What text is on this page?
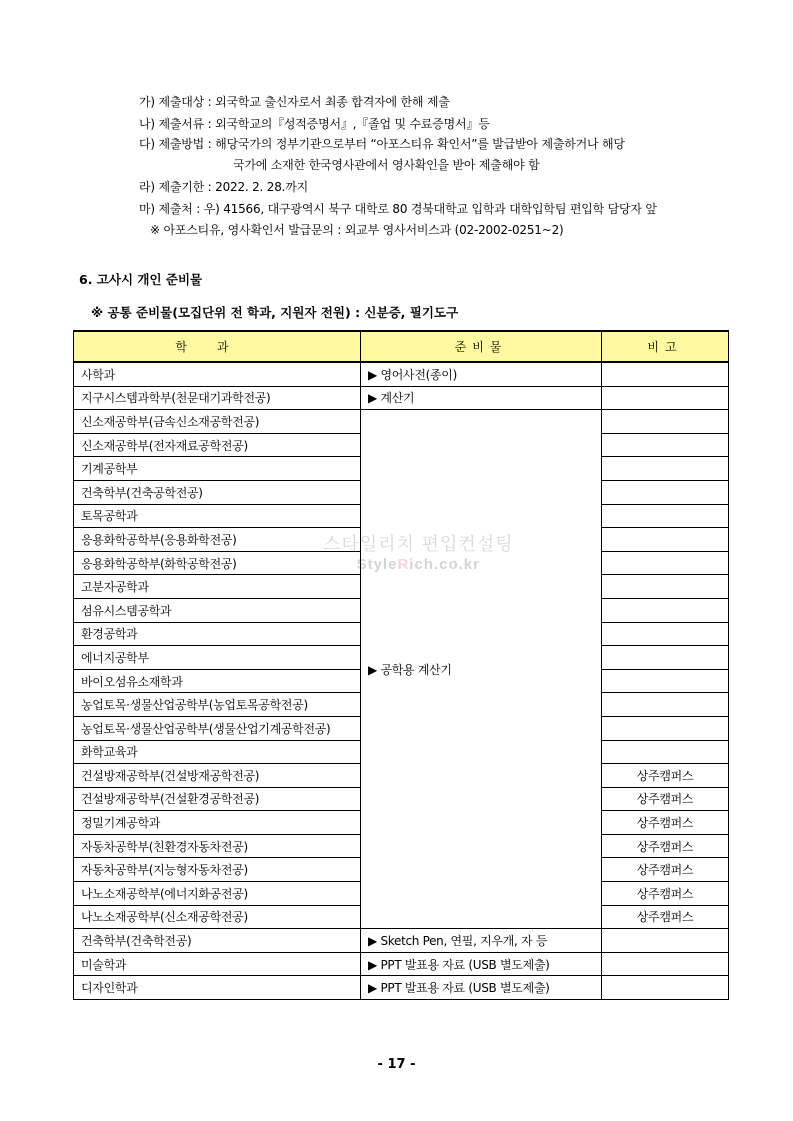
가) 제출대상 : 외국학교 출신자로서 최종 합격자에 한해 제출
나) 제출서류 : 외국학교의『성적증명서』,『졸업 및 수료증명서』등
다) 제출방법 : 해당국가의 정부기관으로부터 “아포스티유 확인서”를 발급받아 제출하거나 해당
국가에 소재한 한국영사관에서 영사확인을 받아 제출해야 함
라) 제출기한 : 2022. 2. 28.까지
마) 제출처 : 우) 41566, 대구광역시 북구 대학로 80 경북대학교 입학과 대학입학팀 편입학 담당자 앞
※ 아포스티유, 영사확인서 발급문의 : 외교부 영사서비스과 (02-2002-0251~2)
6. 고사시 개인 준비물
※ 공통 준비물(모집단위 전 학과, 지원자 전원) : 신분증, 필기도구
학과	준비물	비고
사학과	▶ 영어사전(종이)	
지구시스템과학부(천문대기과학전공)	▶ 계산기	
신소재공학부(금속신소재공학전공)	▶ 공학용 계산기	
신소재공학부(전자재료공학전공)		
기계공학부		
건축학부(건축공학전공)		
토목공학과		
응용화학공학부(응용화학전공)		
응용화학공학부(화학공학전공)		
고분자공학과		
섬유시스템공학과		
환경공학과		
에너지공학부		
바이오섬유소재학과		
농업토목·생물산업공학부(농업토목공학전공)		
농업토목·생물산업공학부(생물산업기계공학전공)		
화학교육과		
건설방재공학부(건설방재공학전공)		상주캠퍼스
건설방재공학부(건설환경공학전공)		상주캠퍼스
정밀기계공학과		상주캠퍼스
자동차공학부(친환경자동차전공)		상주캠퍼스
자동차공학부(지능형자동차전공)		상주캠퍼스
나노소재공학부(에너지화공전공)		상주캠퍼스
나노소재공학부(신소재공학전공)		상주캠퍼스
건축학부(건축학전공)	▶ Sketch Pen, 연필, 지우개, 자 등	
미술학과	▶ PPT 발표용 자료 (USB 별도제출)	
디자인학과	▶ PPT 발표용 자료 (USB 별도제출)	
스타일리치 편입컨설팅
StyleRich.co.kr
- 17 -
